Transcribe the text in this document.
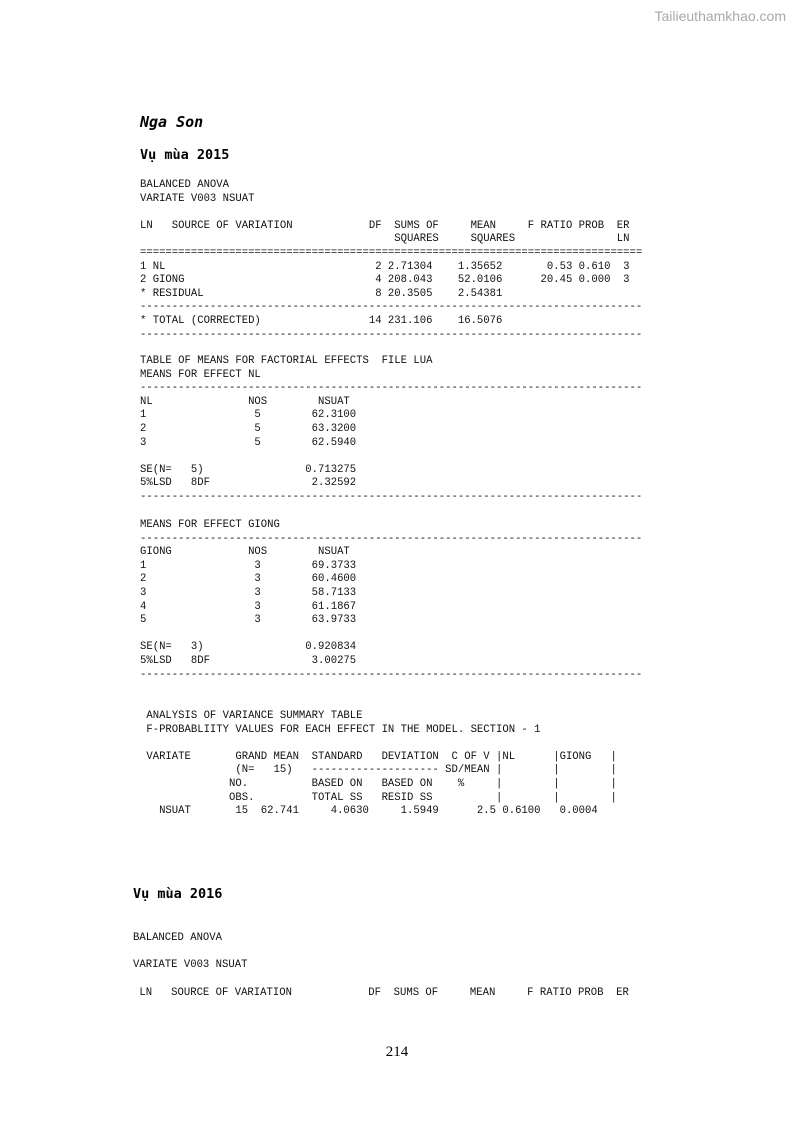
Tailieuthamkhao.com
Nga Son
Vụ mùa 2015
BALANCED ANOVA
VARIATE V003 NSUAT

LN   SOURCE OF VARIATION            DF  SUMS OF     MEAN     F RATIO PROB  ER
SQUARES     SQUARES                LN
===============================================================================
1 NL                                 2 2.71304    1.35652       0.53 0.610  3
2 GIONG                              4 208.043    52.0106      20.45 0.000  3
* RESIDUAL                           8 20.3505    2.54381
-------------------------------------------------------------------------------
* TOTAL (CORRECTED)                 14 231.106    16.5076
-------------------------------------------------------------------------------
TABLE OF MEANS FOR FACTORIAL EFFECTS  FILE LUA
MEANS FOR EFFECT NL
-------------------------------------------------------------------------------
NL               NOS        NSUAT
1                 5        62.3100
2                 5        63.3200
3                 5        62.5940

SE(N=   5)                0.713275
5%LSD   8DF                2.32592
-------------------------------------------------------------------------------
MEANS FOR EFFECT GIONG
-------------------------------------------------------------------------------
GIONG            NOS        NSUAT
1                 3        69.3733
2                 3        60.4600
3                 3        58.7133
4                 3        61.1867
5                 3        63.9733

SE(N=   3)                0.920834
5%LSD   8DF                3.00275
-------------------------------------------------------------------------------
ANALYSIS OF VARIANCE SUMMARY TABLE
F-PROBABLIITY VALUES FOR EACH EFFECT IN THE MODEL. SECTION - 1

VARIATE       GRAND MEAN  STANDARD   DEVIATION  C OF V |NL      |GIONG   |
(N=   15)   -------------------- SD/MEAN |        |        |
NO.          BASED ON   BASED ON    %     |        |        |
OBS.         TOTAL SS   RESID SS          |        |        |
NSUAT       15  62.741     4.0630     1.5949      2.5 0.6100   0.0004
Vụ mùa 2016
BALANCED ANOVA
VARIATE V003 NSUAT
LN   SOURCE OF VARIATION            DF  SUMS OF     MEAN     F RATIO PROB  ER
214
